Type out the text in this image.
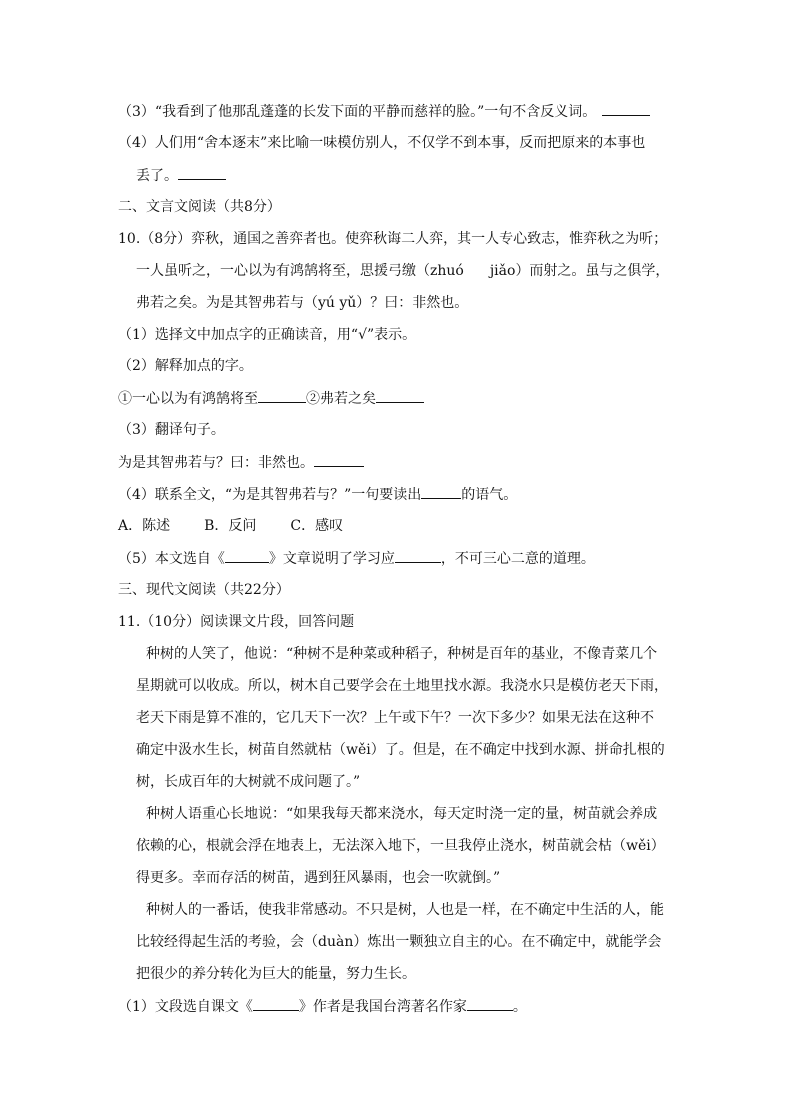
（3）“我看到了他那乱蓬蓬的长发下面的平静而慈祥的脸。”一句不含反义词。
（4）人们用“舍本逐末”来比喻一味模仿别人，不仅学不到本事，反而把原来的本事也
丢了。
二、文言文阅读（共8分）
10.（8分）弈秋，通国之善弈者也。使弈秋诲二人弈，其一人专心致志，惟弈秋之为听；
一人虽听之，一心以为有鸿鹄将至，思援弓缴（zhuó jiǎo）而射之。虽与之俱学，
弗若之矣。为是其智弗若与（yú yǔ）？曰：非然也。
（1）选择文中加点字的正确读音，用“√”表示。
（2）解释加点的字。
①一心以为有鸿鹄将至	②弗若之矣
（3）翻译句子。
为是其智弗若与？曰：非然也。
（4）联系全文，“为是其智弗若与？”一句要读出	的语气。
A．陈述 B．反问 C．感叹
（5）本文选自《	》文章说明了学习应	，不可三心二意的道理。
三、现代文阅读（共22分）
11.（10分）阅读课文片段，回答问题
种树的人笑了，他说：“种树不是种菜或种稻子，种树是百年的基业，不像青菜几个
星期就可以收成。所以，树木自己要学会在土地里找水源。我浇水只是模仿老天下雨，
老天下雨是算不准的，它几天下一次？上午或下午？一次下多少？如果无法在这种不
确定中汲水生长，树苗自然就枯（wěi）了。但是，在不确定中找到水源、拼命扎根的
树，长成百年的大树就不成问题了。”
种树人语重心长地说：“如果我每天都来浇水，每天定时浇一定的量，树苗就会养成
依赖的心，根就会浮在地表上，无法深入地下，一旦我停止浇水，树苗就会枯（wěi）
得更多。幸而存活的树苗，遇到狂风暴雨，也会一吹就倒。”
种树人的一番话，使我非常感动。不只是树，人也是一样，在不确定中生活的人，能
比较经得起生活的考验，会（duàn）炼出一颗独立自主的心。在不确定中，就能学会
把很少的养分转化为巨大的能量，努力生长。
（1）文段选自课文《	》作者是我国台湾著名作家	。
